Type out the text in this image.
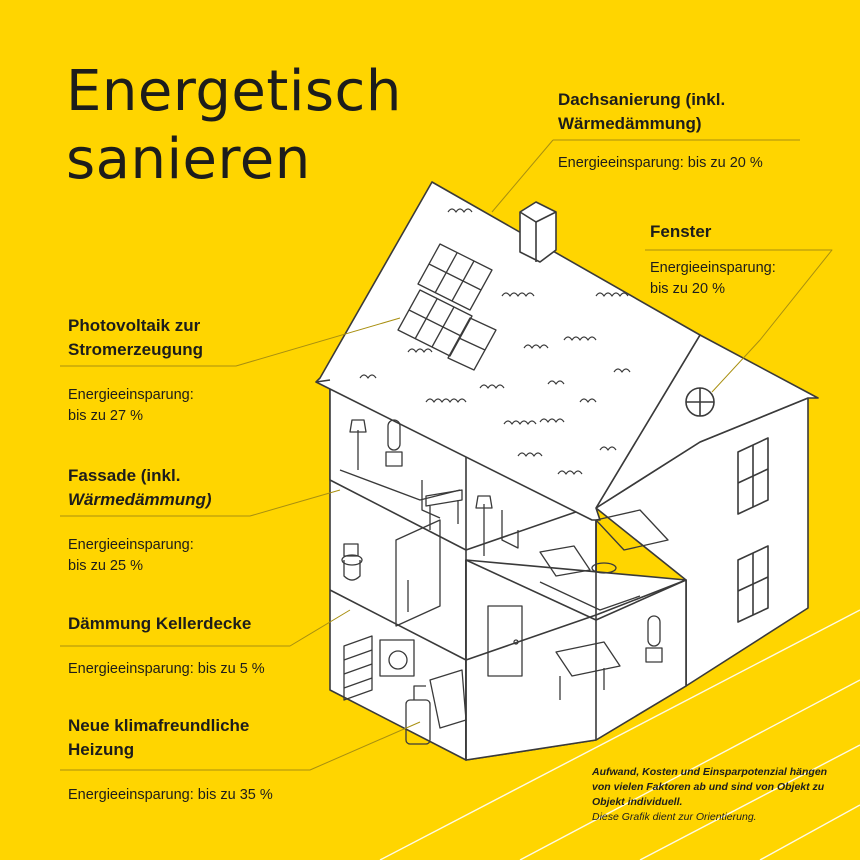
Energetisch
sanieren
Dachsanierung (inkl. Wärmedämmung)
Energieeinsparung: bis zu 20 %
Fenster
Energieeinsparung:
bis zu 20 %
Photovoltaik zur
Stromerzeugung
Energieeinsparung:
bis zu 27 %
Fassade (inkl.
Wärmedämmung)
Energieeinsparung:
bis zu 25 %
Dämmung Kellerdecke
Energieeinsparung: bis zu 5 %
Neue klimafreundliche
Heizung
Energieeinsparung: bis zu 35 %
Aufwand, Kosten und Einsparpotenzial hängen von vielen Faktoren ab und sind von Objekt zu Objekt individuell.
Diese Grafik dient zur Orientierung.
